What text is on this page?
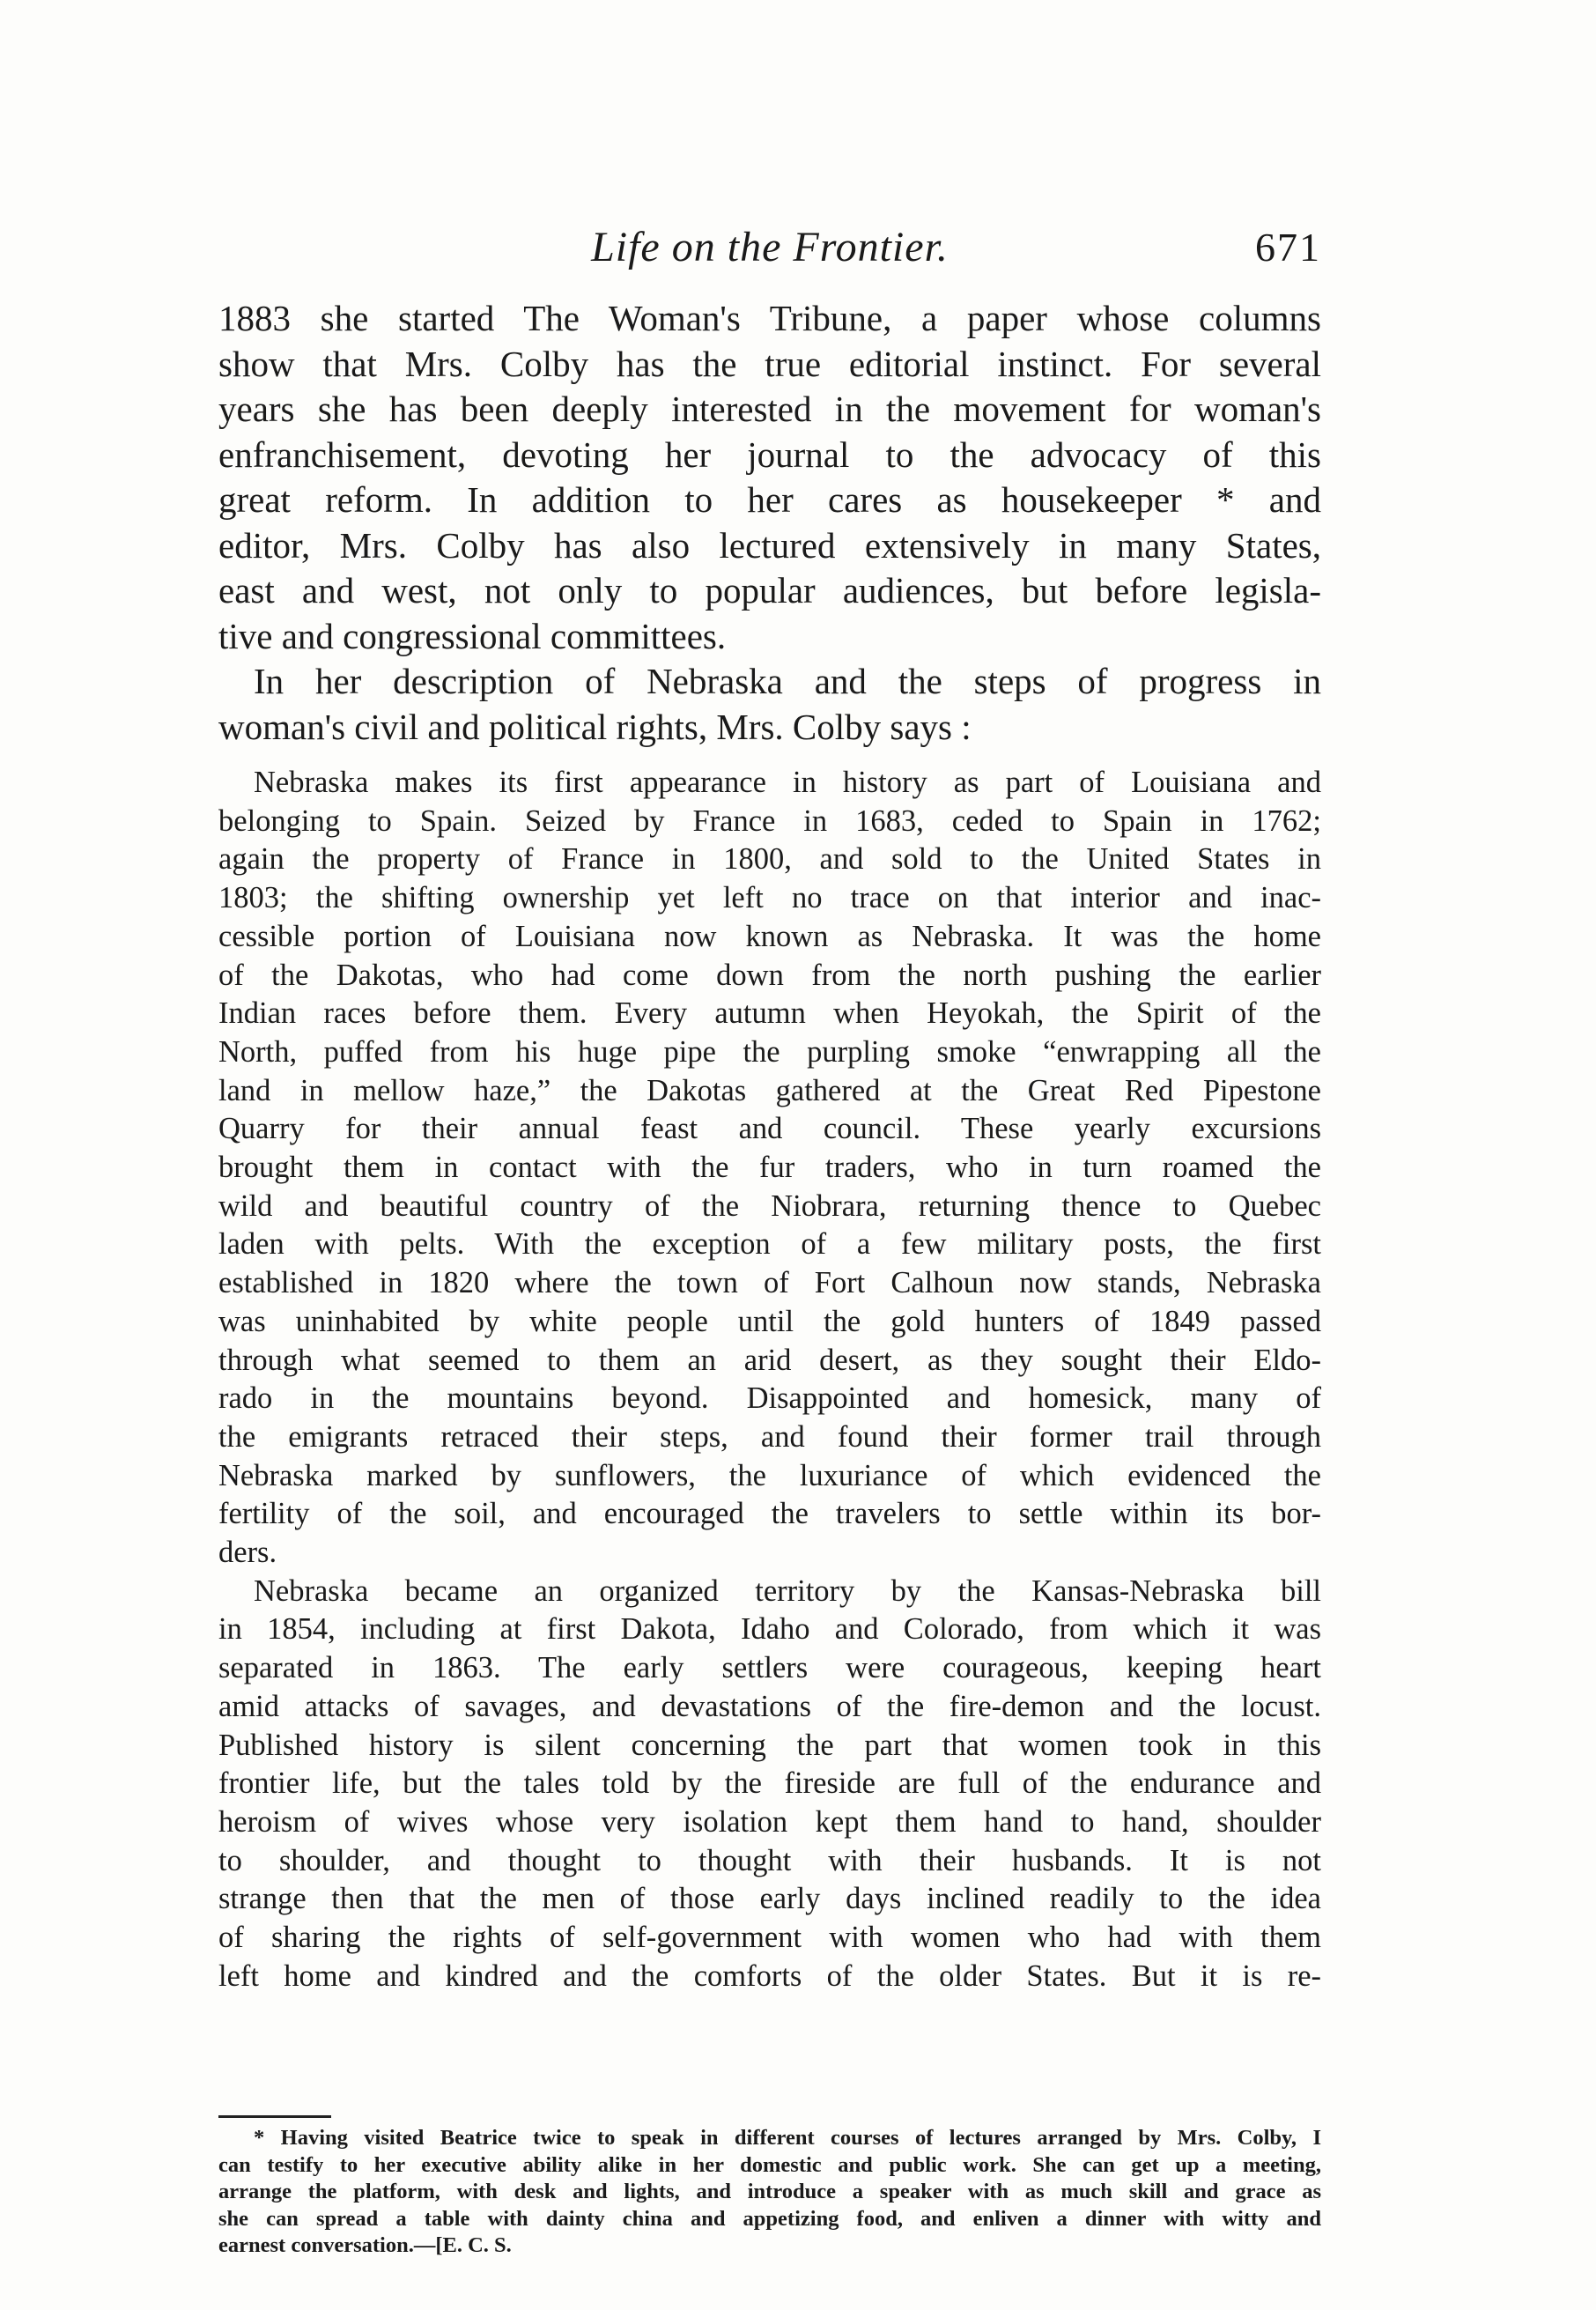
Life on the Frontier.	671
1883 she started The Woman's Tribune, a paper whose columns
show that Mrs. Colby has the true editorial instinct. For several
years she has been deeply interested in the movement for woman's
enfranchisement, devoting her journal to the advocacy of this
great reform. In addition to her cares as housekeeper * and
editor, Mrs. Colby has also lectured extensively in many States,
east and west, not only to popular audiences, but before legisla-
tive and congressional committees.
In her description of Nebraska and the steps of progress in
woman's civil and political rights, Mrs. Colby says :
Nebraska makes its first appearance in history as part of Louisiana and
belonging to Spain. Seized by France in 1683, ceded to Spain in 1762;
again the property of France in 1800, and sold to the United States in
1803; the shifting ownership yet left no trace on that interior and inac-
cessible portion of Louisiana now known as Nebraska. It was the home
of the Dakotas, who had come down from the north pushing the earlier
Indian races before them. Every autumn when Heyokah, the Spirit of the
North, puffed from his huge pipe the purpling smoke “enwrapping all the
land in mellow haze,” the Dakotas gathered at the Great Red Pipestone
Quarry for their annual feast and council. These yearly excursions
brought them in contact with the fur traders, who in turn roamed the
wild and beautiful country of the Niobrara, returning thence to Quebec
laden with pelts. With the exception of a few military posts, the first
established in 1820 where the town of Fort Calhoun now stands, Nebraska
was uninhabited by white people until the gold hunters of 1849 passed
through what seemed to them an arid desert, as they sought their Eldo-
rado in the mountains beyond. Disappointed and homesick, many of
the emigrants retraced their steps, and found their former trail through
Nebraska marked by sunflowers, the luxuriance of which evidenced the
fertility of the soil, and encouraged the travelers to settle within its bor-
ders.
Nebraska became an organized territory by the Kansas-Nebraska bill
in 1854, including at first Dakota, Idaho and Colorado, from which it was
separated in 1863. The early settlers were courageous, keeping heart
amid attacks of savages, and devastations of the fire-demon and the locust.
Published history is silent concerning the part that women took in this
frontier life, but the tales told by the fireside are full of the endurance and
heroism of wives whose very isolation kept them hand to hand, shoulder
to shoulder, and thought to thought with their husbands. It is not
strange then that the men of those early days inclined readily to the idea
of sharing the rights of self-government with women who had with them
left home and kindred and the comforts of the older States. But it is re-
* Having visited Beatrice twice to speak in different courses of lectures arranged by Mrs. Colby, I
can testify to her executive ability alike in her domestic and public work. She can get up a meeting,
arrange the platform, with desk and lights, and introduce a speaker with as much skill and grace as
she can spread a table with dainty china and appetizing food, and enliven a dinner with witty and
earnest conversation.—[E. C. S.
